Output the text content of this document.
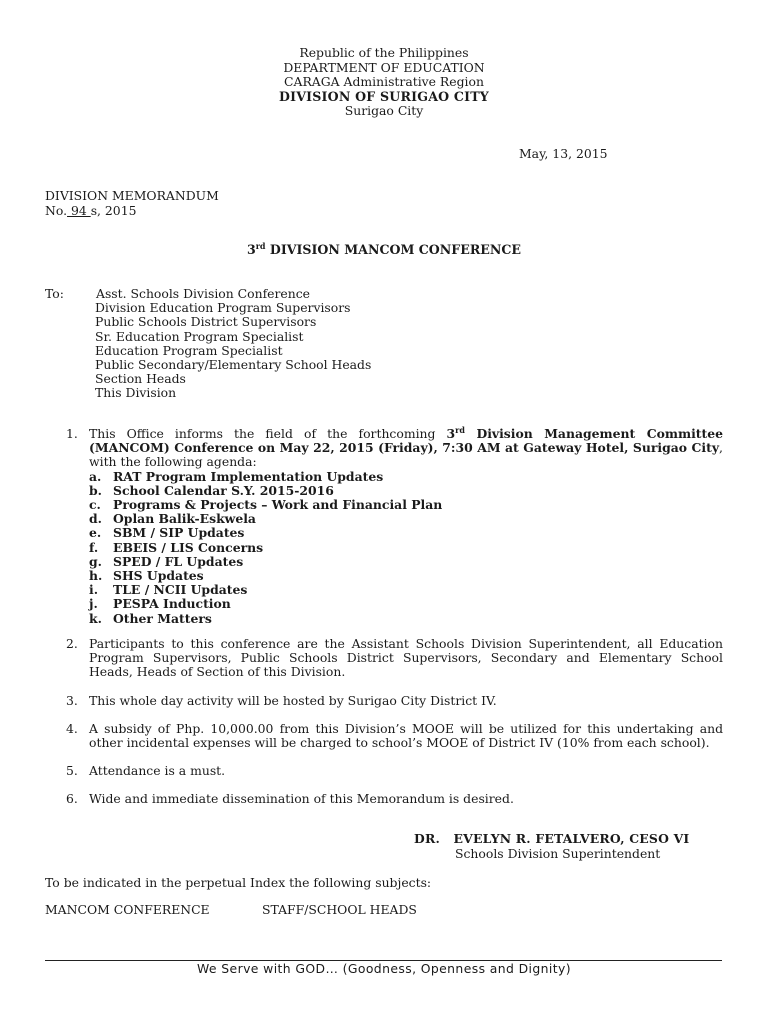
Republic of the Philippines
DEPARTMENT OF EDUCATION
CARAGA Administrative Region
DIVISION OF SURIGAO CITY
Surigao City
May, 13, 2015
DIVISION MEMORANDUM
No. 94 s, 2015
3rd DIVISION MANCOM CONFERENCE
To:	Asst. Schools Division Conference
Division Education Program Supervisors
Public Schools District Supervisors
Sr. Education Program Specialist
Education Program Specialist
Public Secondary/Elementary School Heads
Section Heads
This Division
1. This Office informs the field of the forthcoming 3rd Division Management Committee (MANCOM) Conference on May 22, 2015 (Friday), 7:30 AM at Gateway Hotel, Surigao City, with the following agenda:
a. RAT Program Implementation Updates
b. School Calendar S.Y. 2015-2016
c. Programs & Projects – Work and Financial Plan
d. Oplan Balik-Eskwela
e. SBM / SIP Updates
f. EBEIS / LIS Concerns
g. SPED / FL Updates
h. SHS Updates
i. TLE / NCII Updates
j. PESPA Induction
k. Other Matters
2. Participants to this conference are the Assistant Schools Division Superintendent, all Education Program Supervisors, Public Schools District Supervisors, Secondary and Elementary School Heads, Heads of Section of this Division.
3. This whole day activity will be hosted by Surigao City District IV.
4. A subsidy of Php. 10,000.00 from this Division’s MOOE will be utilized for this undertaking and other incidental expenses will be charged to school’s MOOE of District IV (10% from each school).
5. Attendance is a must.
6. Wide and immediate dissemination of this Memorandum is desired.
DR.   EVELYN R. FETALVERO, CESO VI
Schools Division Superintendent
To be indicated in the perpetual Index the following subjects:
MANCOM CONFERENCE	STAFF/SCHOOL HEADS
We Serve with GOD… (Goodness, Openness and Dignity)
